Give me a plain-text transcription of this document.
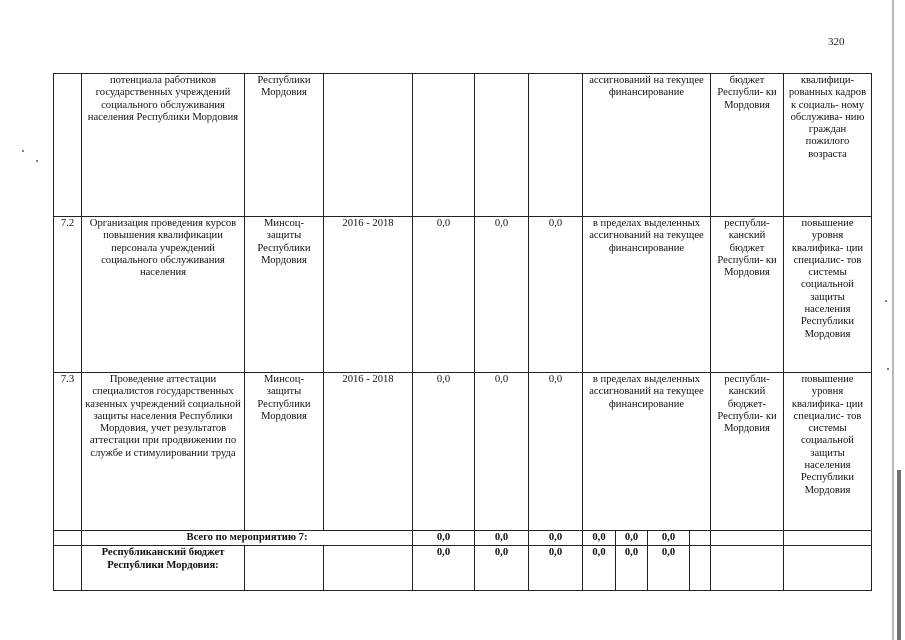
320
	потенциала работников государственных учреждений социального обслуживания населения Республики Мордовия	Республики Мордовия					ассигнований на текущее финансирование				бюджет Республи- ки Мордовия	квалифици- рованных кадров к социаль- ному обслужива- нию граждан пожилого возраста
7.2	Организация проведения курсов повышения квалификации персонала учреждений социального обслуживания населения	Минсоц- защиты Республики Мордовия	2016 - 2018	0,0	0,0	0,0	в пределах выделенных ассигнований на текущее финансирование				республи- канский бюджет Республи- ки Мордовия	повышение уровня квалифика- ции специалис- тов системы социальной защиты населения Республики Мордовия
7.3	Проведение аттестации специалистов государственных казенных учреждений социальной защиты населения Республики Мордовия, учет результатов аттестации при продвижении по службе и стимулировании труда	Минсоц- защиты Республики Мордовия	2016 - 2018	0,0	0,0	0,0	в пределах выделенных ассигнований на текущее финансирование				республи- канский бюджет- Республи- ки Мордовия	повышение уровня квалифика- ции специалис- тов системы социальной защиты населения Республики Мордовия
	Всего по мероприятию 7:			0,0	0,0	0,0	0,0	0,0	0,0			
	Республиканский бюджет Республики Мордовия:			0,0	0,0	0,0	0,0	0,0	0,0			
